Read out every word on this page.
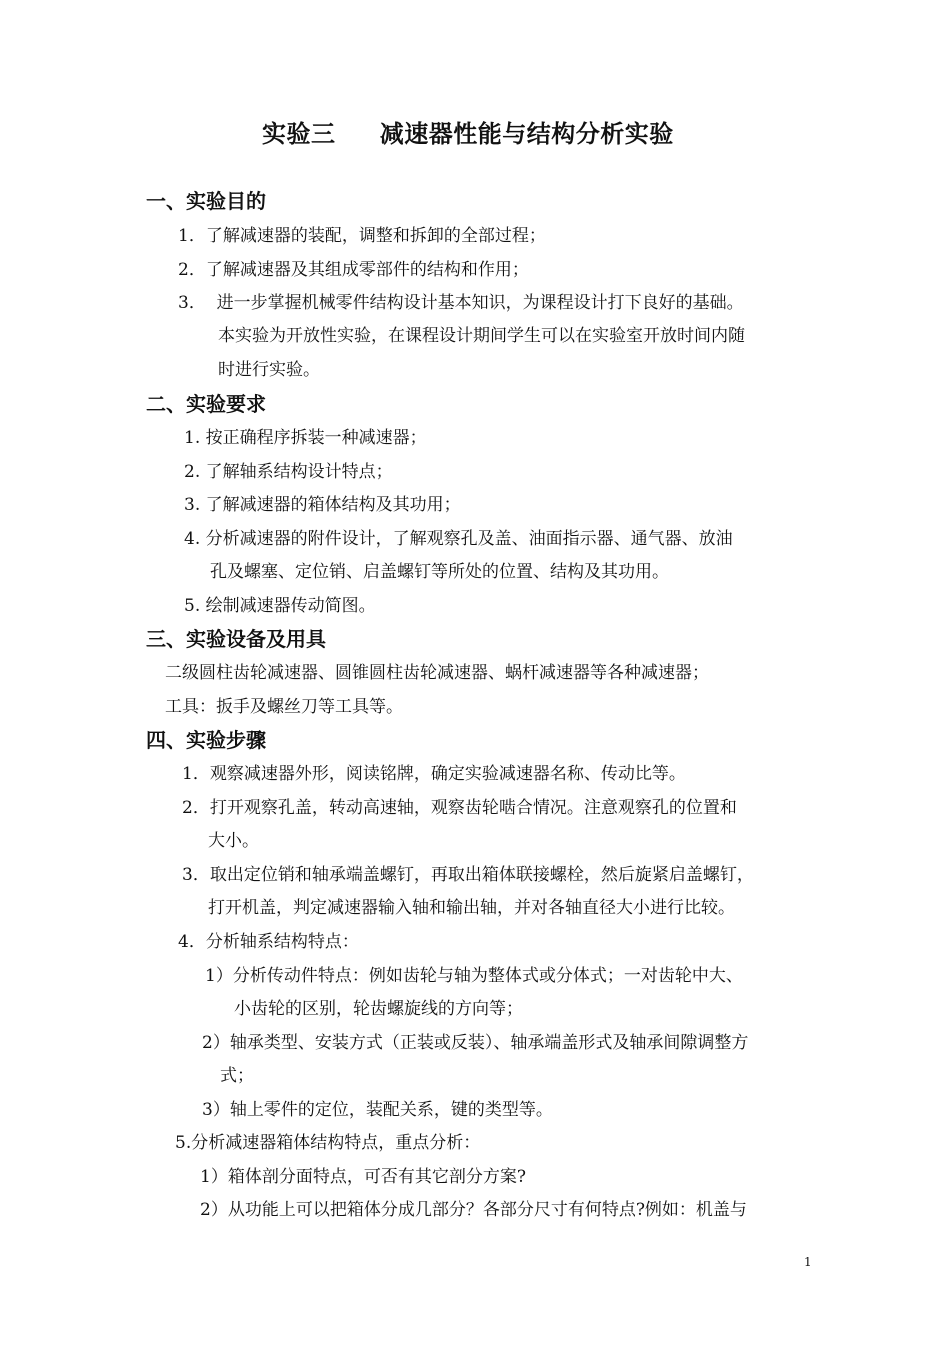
实验三     减速器性能与结构分析实验
一、实验目的
1．了解减速器的装配，调整和拆卸的全部过程；
2．了解减速器及其组成零部件的结构和作用；
3．  进一步掌握机械零件结构设计基本知识，为课程设计打下良好的基础。
本实验为开放性实验，在课程设计期间学生可以在实验室开放时间内随
时进行实验。
二、实验要求
1. 按正确程序拆装一种减速器；
2. 了解轴系结构设计特点；
3. 了解减速器的箱体结构及其功用；
4. 分析减速器的附件设计，了解观察孔及盖、油面指示器、通气器、放油
孔及螺塞、定位销、启盖螺钉等所处的位置、结构及其功用。
5. 绘制减速器传动简图。
三、实验设备及用具
二级圆柱齿轮减速器、圆锥圆柱齿轮减速器、蜗杆减速器等各种减速器；
工具：扳手及螺丝刀等工具等。
四、实验步骤
1．观察减速器外形，阅读铭牌，确定实验减速器名称、传动比等。
2．打开观察孔盖，转动高速轴，观察齿轮啮合情况。注意观察孔的位置和
大小。
3．取出定位销和轴承端盖螺钉，再取出箱体联接螺栓，然后旋紧启盖螺钉，
打开机盖，判定减速器输入轴和输出轴，并对各轴直径大小进行比较。
4．分析轴系结构特点：
1）分析传动件特点：例如齿轮与轴为整体式或分体式；一对齿轮中大、
小齿轮的区别，轮齿螺旋线的方向等；
2）轴承类型、安装方式（正装或反装）、轴承端盖形式及轴承间隙调整方
式；
3）轴上零件的定位，装配关系，键的类型等。
5.分析减速器箱体结构特点，重点分析：
1）箱体剖分面特点，可否有其它剖分方案?
2）从功能上可以把箱体分成几部分？各部分尺寸有何特点?例如：机盖与
1
